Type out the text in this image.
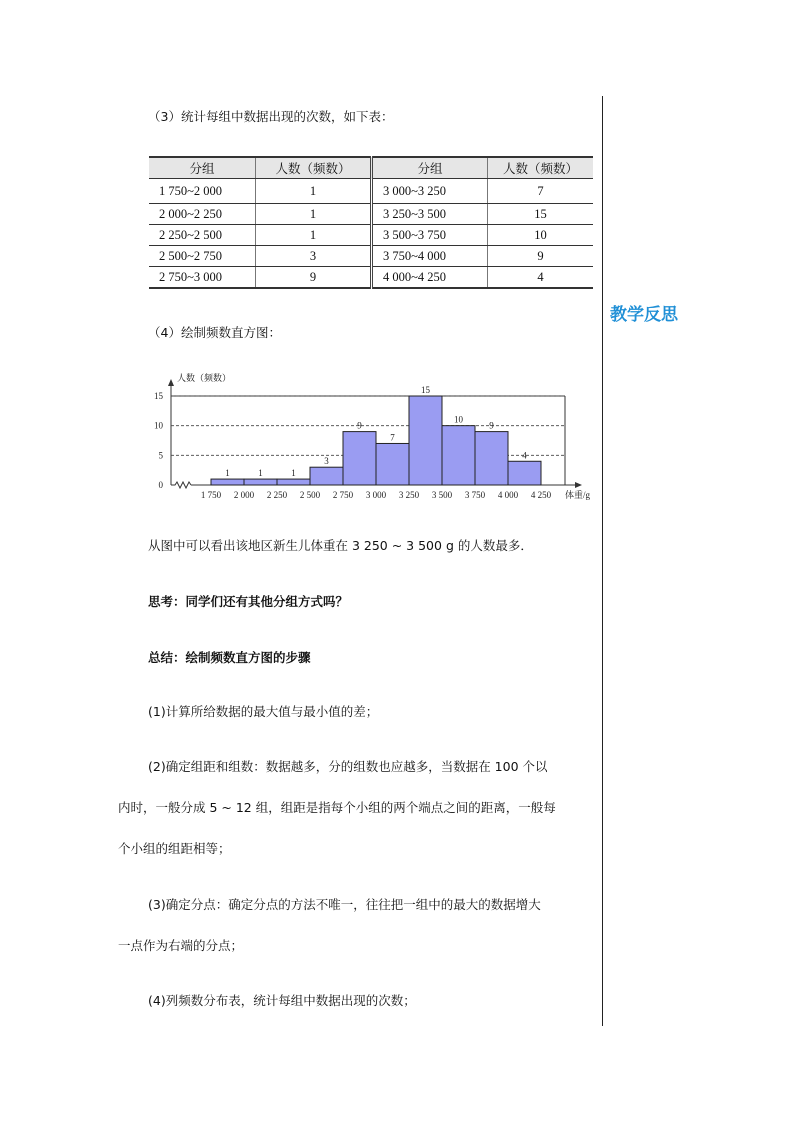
教学反思
（3）统计每组中数据出现的次数，如下表：
分组	人数（频数）	分组	人数（频数）
1 750~2 000	1	3 000~3 250	7
2 000~2 250	1	3 250~3 500	15
2 250~2 500	1	3 500~3 750	10
2 500~2 750	3	3 750~4 000	9
2 750~3 000	9	4 000~4 250	4
（4）绘制频数直方图：
0
5
10
15
1	1	1
3
9
7
15
10
9
4
1 750 2 000 2 250 2 500 2 750 3 000 3 250 3 500 3 750 4 000 4 250
人数（频数）
体重/g
从图中可以看出该地区新生儿体重在 3 250 ~ 3 500 g 的人数最多．
思考：同学们还有其他分组方式吗？
总结：绘制频数直方图的步骤
(1)计算所给数据的最大值与最小值的差；
(2)确定组距和组数：数据越多，分的组数也应越多，当数据在 100 个以
内时，一般分成 5 ~ 12 组，组距是指每个小组的两个端点之间的距离，一般每
个小组的组距相等；
(3)确定分点：确定分点的方法不唯一，往往把一组中的最大的数据增大
一点作为右端的分点；
(4)列频数分布表，统计每组中数据出现的次数；
